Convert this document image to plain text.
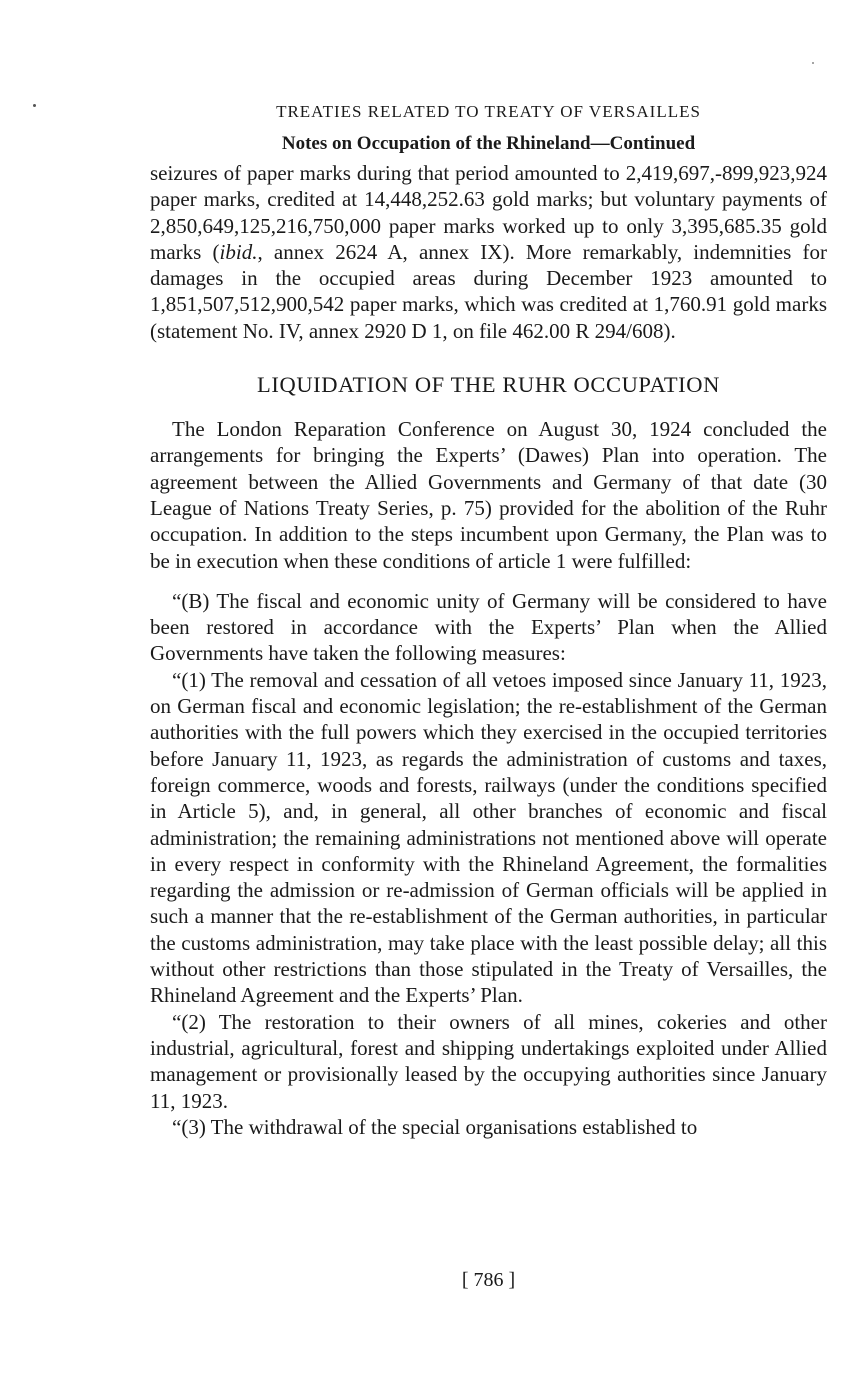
TREATIES RELATED TO TREATY OF VERSAILLES
Notes on Occupation of the Rhineland—Continued

seizures of paper marks during that period amounted to 2,419,697,-899,923,924 paper marks, credited at 14,448,252.63 gold marks; but voluntary payments of 2,850,649,125,216,750,000 paper marks worked up to only 3,395,685.35 gold marks (ibid., annex 2624 A, annex IX). More remarkably, indemnities for damages in the occupied areas during December 1923 amounted to 1,851,507,512,900,542 paper marks, which was credited at 1,760.91 gold marks (statement No. IV, annex 2920 D 1, on file 462.00 R 294/608).

LIQUIDATION OF THE RUHR OCCUPATION

The London Reparation Conference on August 30, 1924 concluded the arrangements for bringing the Experts’ (Dawes) Plan into operation. The agreement between the Allied Governments and Germany of that date (30 League of Nations Treaty Series, p. 75) provided for the abolition of the Ruhr occupation. In addition to the steps incumbent upon Germany, the Plan was to be in execution when these conditions of article 1 were fulfilled:

“(B) The fiscal and economic unity of Germany will be considered to have been restored in accordance with the Experts’ Plan when the Allied Governments have taken the following measures:

“(1) The removal and cessation of all vetoes imposed since January 11, 1923, on German fiscal and economic legislation; the re-establishment of the German authorities with the full powers which they exercised in the occupied territories before January 11, 1923, as regards the administration of customs and taxes, foreign commerce, woods and forests, railways (under the conditions specified in Article 5), and, in general, all other branches of economic and fiscal administration; the remaining administrations not mentioned above will operate in every respect in conformity with the Rhineland Agreement, the formalities regarding the admission or re-admission of German officials will be applied in such a manner that the re-establishment of the German authorities, in particular the customs administration, may take place with the least possible delay; all this without other restrictions than those stipulated in the Treaty of Versailles, the Rhineland Agreement and the Experts’ Plan.

“(2) The restoration to their owners of all mines, cokeries and other industrial, agricultural, forest and shipping undertakings exploited under Allied management or provisionally leased by the occupying authorities since January 11, 1923.

“(3) The withdrawal of the special organisations established to

[ 786 ]
